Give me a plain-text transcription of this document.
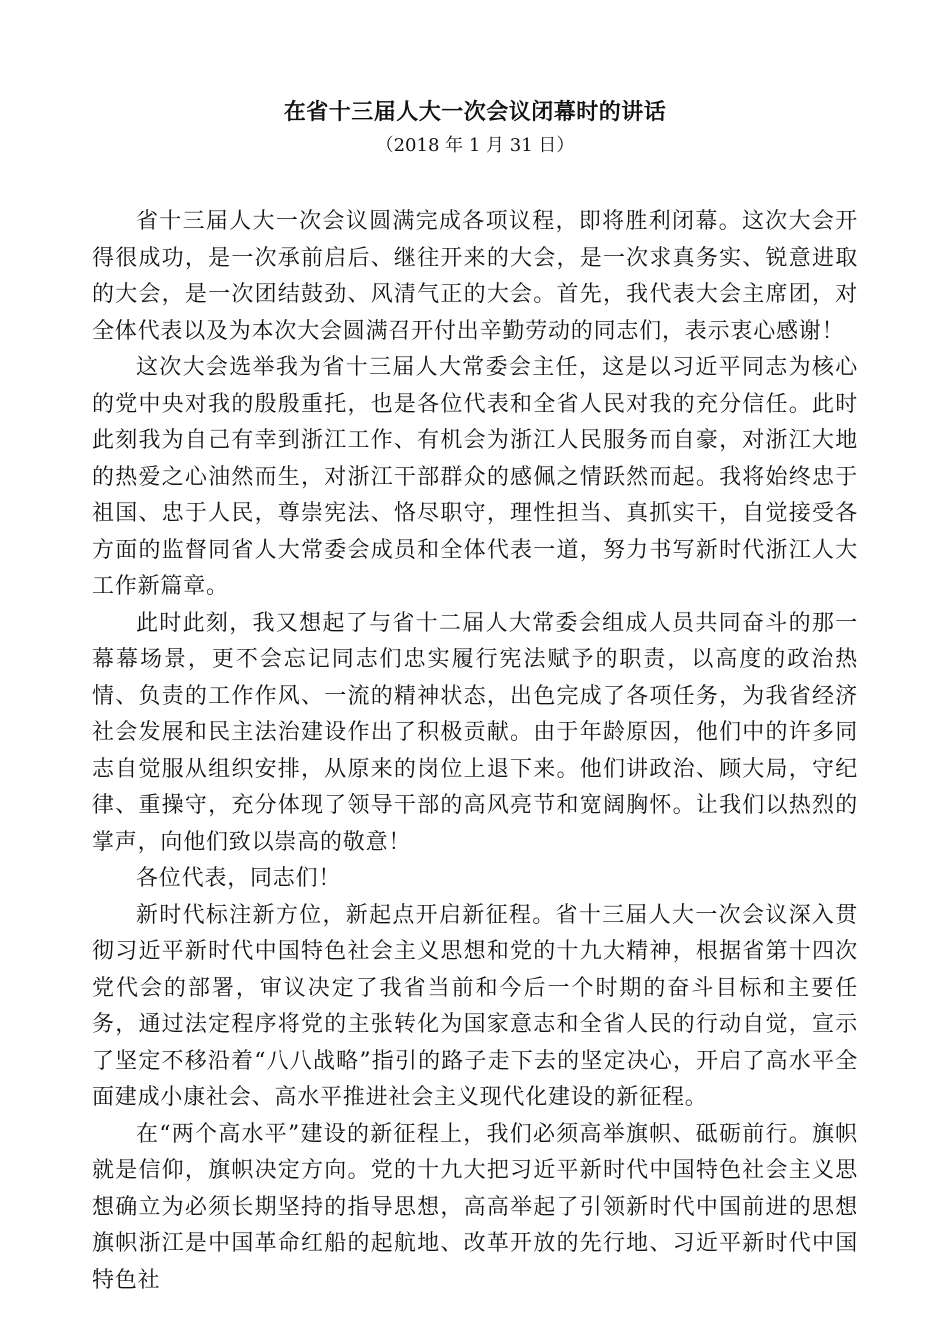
在省十三届人大一次会议闭幕时的讲话
（2018 年 1 月 31 日）

省十三届人大一次会议圆满完成各项议程，即将胜利闭幕。这次大会开得很成功，是一次承前启后、继往开来的大会，是一次求真务实、锐意进取的大会，是一次团结鼓劲、风清气正的大会。首先，我代表大会主席团，对全体代表以及为本次大会圆满召开付出辛勤劳动的同志们，表示衷心感谢！

这次大会选举我为省十三届人大常委会主任，这是以习近平同志为核心的党中央对我的殷殷重托，也是各位代表和全省人民对我的充分信任。此时此刻我为自己有幸到浙江工作、有机会为浙江人民服务而自豪，对浙江大地的热爱之心油然而生，对浙江干部群众的感佩之情跃然而起。我将始终忠于祖国、忠于人民，尊崇宪法、恪尽职守，理性担当、真抓实干，自觉接受各方面的监督同省人大常委会成员和全体代表一道，努力书写新时代浙江人大工作新篇章。

此时此刻，我又想起了与省十二届人大常委会组成人员共同奋斗的那一幕幕场景，更不会忘记同志们忠实履行宪法赋予的职责，以高度的政治热情、负责的工作作风、一流的精神状态，出色完成了各项任务，为我省经济社会发展和民主法治建设作出了积极贡献。由于年龄原因，他们中的许多同志自觉服从组织安排，从原来的岗位上退下来。他们讲政治、顾大局，守纪律、重操守，充分体现了领导干部的高风亮节和宽阔胸怀。让我们以热烈的掌声，向他们致以崇高的敬意！

各位代表，同志们！

新时代标注新方位，新起点开启新征程。省十三届人大一次会议深入贯彻习近平新时代中国特色社会主义思想和党的十九大精神，根据省第十四次党代会的部署，审议决定了我省当前和今后一个时期的奋斗目标和主要任务，通过法定程序将党的主张转化为国家意志和全省人民的行动自觉，宣示了坚定不移沿着“八八战略”指引的路子走下去的坚定决心，开启了高水平全面建成小康社会、高水平推进社会主义现代化建设的新征程。

在“两个高水平”建设的新征程上，我们必须高举旗帜、砥砺前行。旗帜就是信仰，旗帜决定方向。党的十九大把习近平新时代中国特色社会主义思想确立为必须长期坚持的指导思想，高高举起了引领新时代中国前进的思想旗帜浙江是中国革命红船的起航地、改革开放的先行地、习近平新时代中国特色社
